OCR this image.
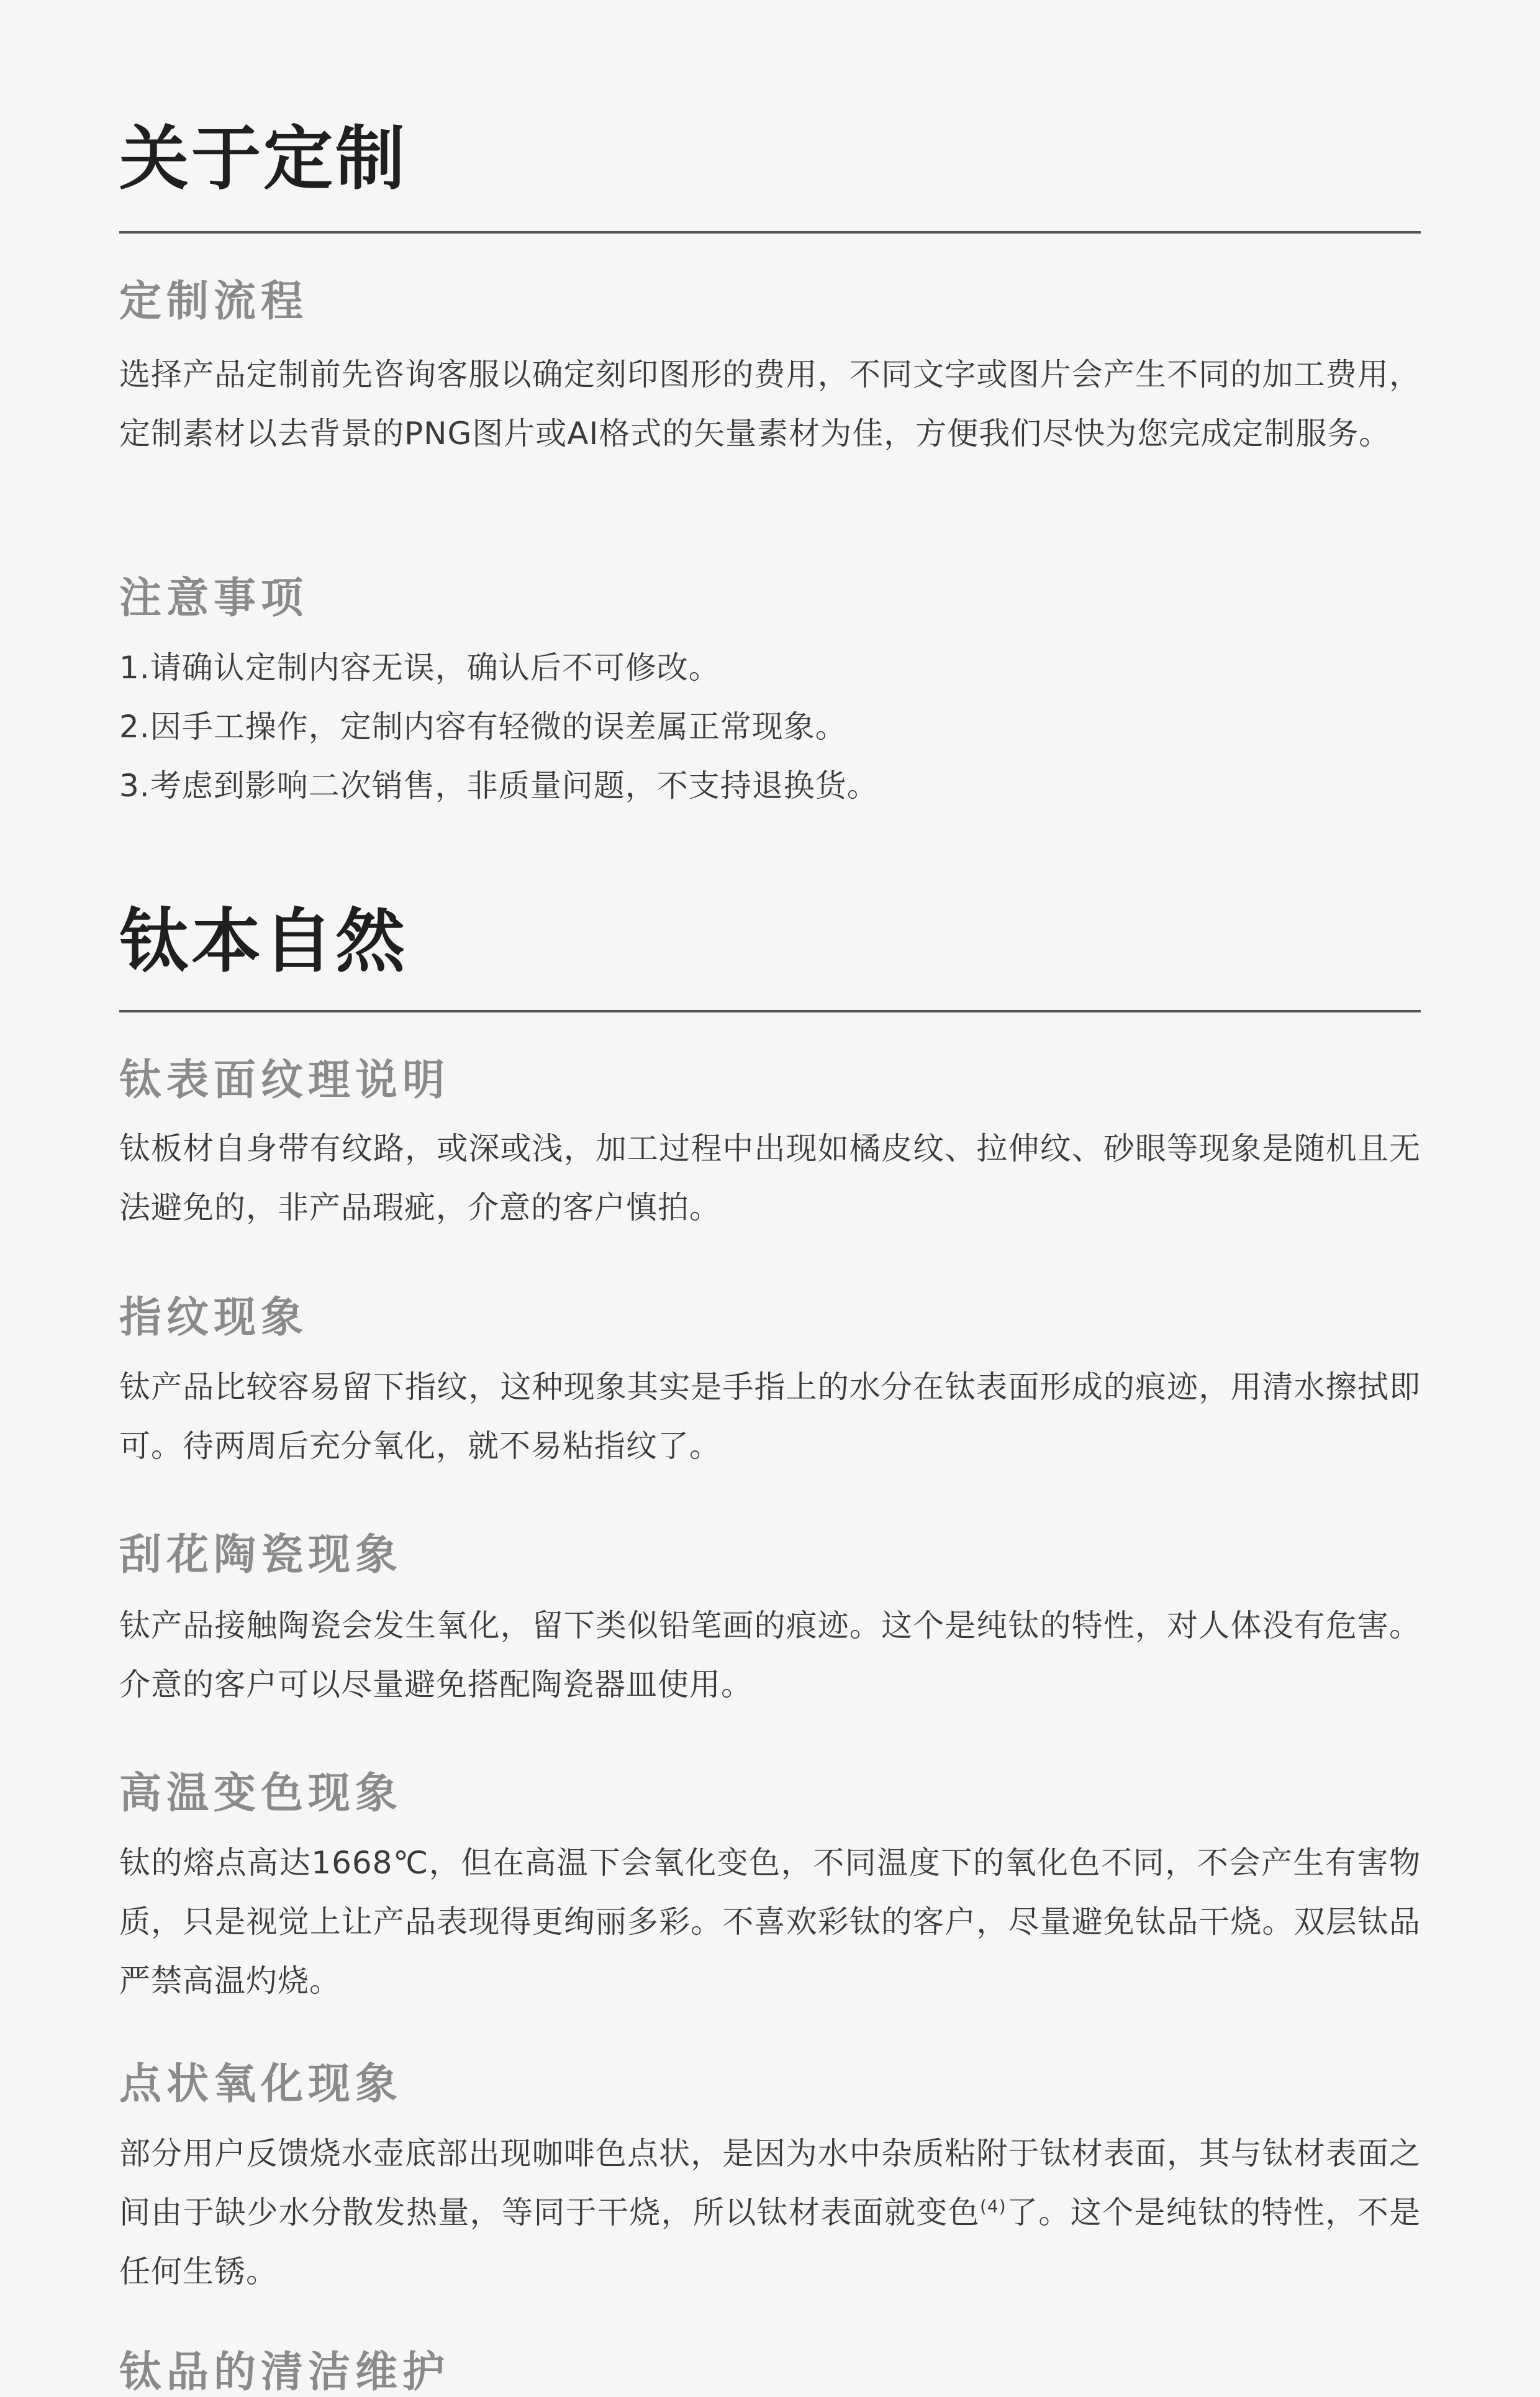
关于定制
定制流程

选择产品定制前先咨询客服以确定刻印图形的费用，不同文字或图片会产生不同的加工费用，定制素材以去背景的PNG图片或AI格式的矢量素材为佳，方便我们尽快为您完成定制服务。

注意事项
1.请确认定制内容无误，确认后不可修改。
2.因手工操作，定制内容有轻微的误差属正常现象。
3.考虑到影响二次销售，非质量问题，不支持退换货。
钛本自然
钛表面纹理说明

钛板材自身带有纹路，或深或浅，加工过程中出现如橘皮纹、拉伸纹、砂眼等现象是随机且无法避免的，非产品瑕疵，介意的客户慎拍。

指纹现象

钛产品比较容易留下指纹，这种现象其实是手指上的水分在钛表面形成的痕迹，用清水擦拭即可。待两周后充分氧化，就不易粘指纹了。

刮花陶瓷现象

钛产品接触陶瓷会发生氧化，留下类似铅笔画的痕迹。这个是纯钛的特性，对人体没有危害。介意的客户可以尽量避免搭配陶瓷器皿使用。

高温变色现象

钛的熔点高达1668℃，但在高温下会氧化变色，不同温度下的氧化色不同，不会产生有害物质，只是视觉上让产品表现得更绚丽多彩。不喜欢彩钛的客户，尽量避免钛品干烧。双层钛品严禁高温灼烧。

点状氧化现象

部分用户反馈烧水壶底部出现咖啡色点状，是因为水中杂质粘附于钛材表面，其与钛材表面之间由于缺少水分散发热量，等同于干烧，所以钛材表面就变色$^{(4)}$了。这个是纯钛的特性，不是任何生锈。

钛品的清洁维护
